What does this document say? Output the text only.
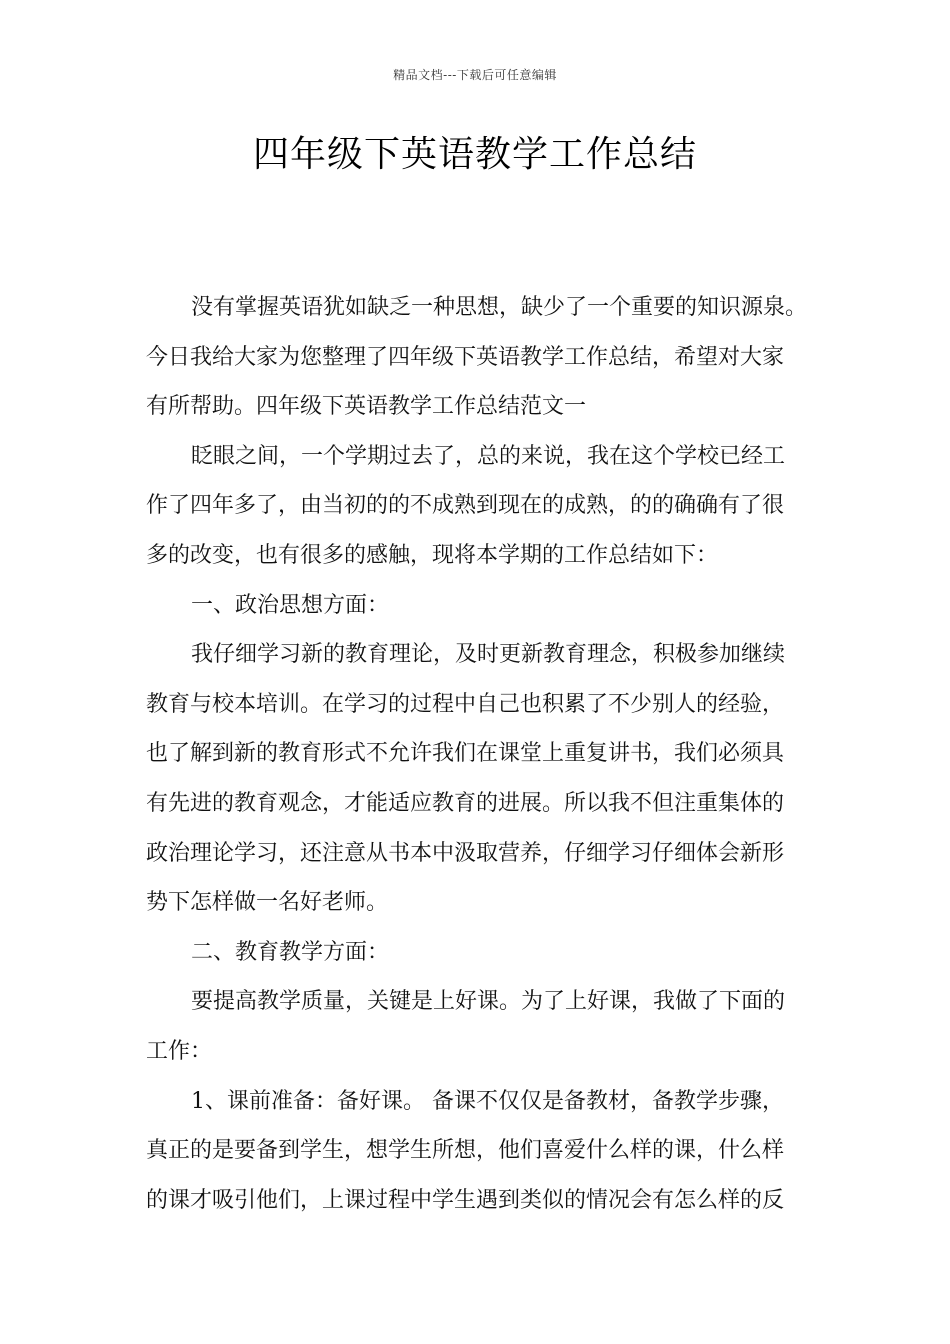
精品文档---下载后可任意编辑
四年级下英语教学工作总结
没有掌握英语犹如缺乏一种思想，缺少了一个重要的知识源泉。
今日我给大家为您整理了四年级下英语教学工作总结，希望对大家
有所帮助。四年级下英语教学工作总结范文一
眨眼之间，一个学期过去了，总的来说，我在这个学校已经工
作了四年多了，由当初的的不成熟到现在的成熟，的的确确有了很
多的改变，也有很多的感触，现将本学期的工作总结如下：
一、政治思想方面：
我仔细学习新的教育理论，及时更新教育理念，积极参加继续
教育与校本培训。在学习的过程中自己也积累了不少别人的经验，
也了解到新的教育形式不允许我们在课堂上重复讲书，我们必须具
有先进的教育观念，才能适应教育的进展。所以我不但注重集体的
政治理论学习，还注意从书本中汲取营养，仔细学习仔细体会新形
势下怎样做一名好老师。
二、教育教学方面：
要提高教学质量，关键是上好课。为了上好课，我做了下面的
工作：
1、课前准备：备好课。 备课不仅仅是备教材，备教学步骤，
真正的是要备到学生，想学生所想，他们喜爱什么样的课，什么样
的课才吸引他们，上课过程中学生遇到类似的情况会有怎么样的反
